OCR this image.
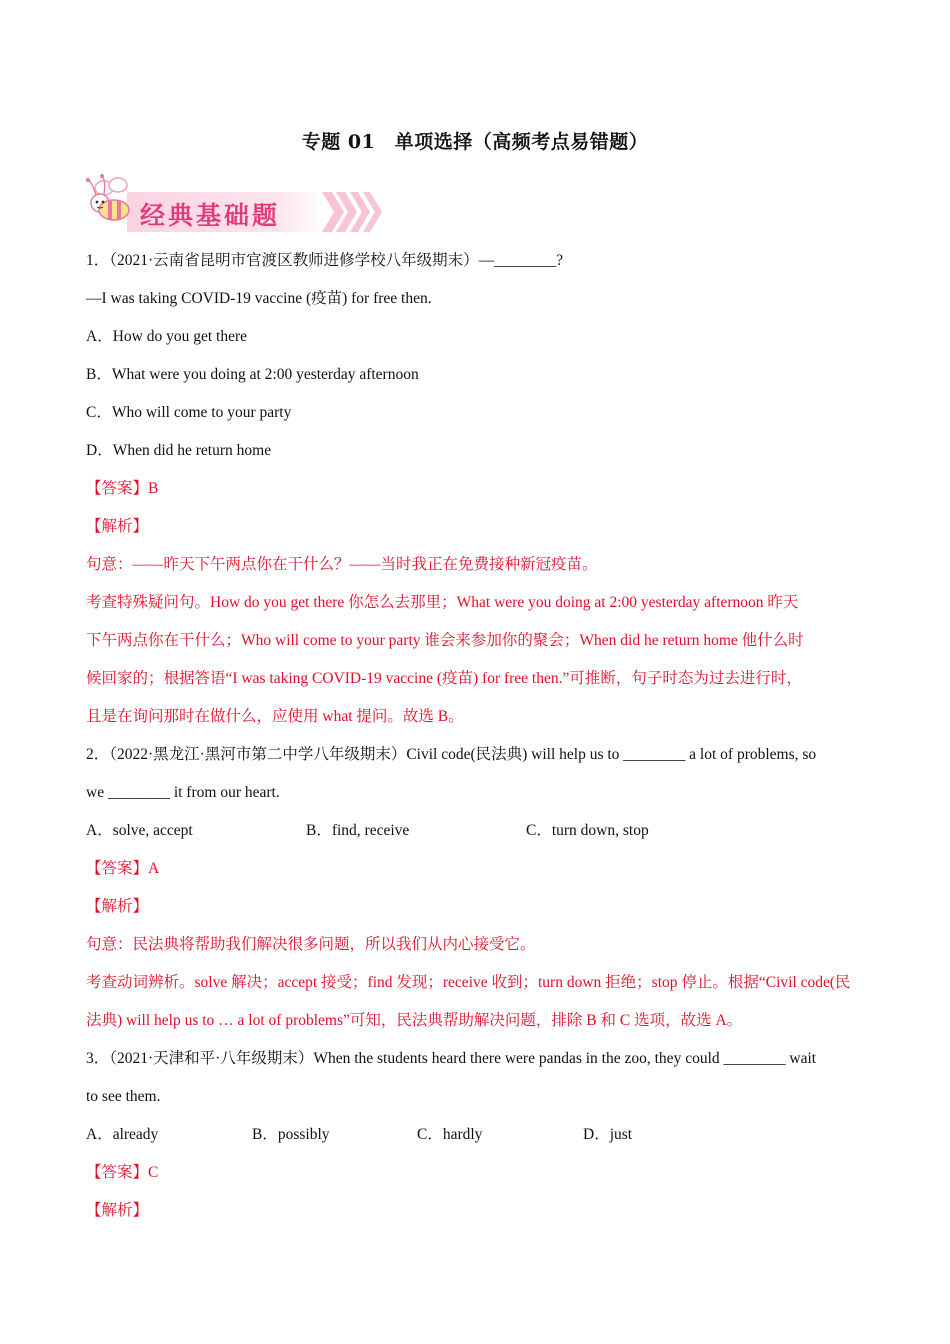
专题 01　单项选择（高频考点易错题）
经典基础题
1．（2021·云南省昆明市官渡区教师进修学校八年级期末）—________?
—I was taking COVID-19 vaccine (疫苗) for free then.
A．How do you get there
B．What were you doing at 2:00 yesterday afternoon
C．Who will come to your party
D．When did he return home
【答案】B
【解析】
句意：——昨天下午两点你在干什么？——当时我正在免费接种新冠疫苗。
考查特殊疑问句。How do you get there 你怎么去那里；What were you doing at 2:00 yesterday afternoon 昨天
下午两点你在干什么；Who will come to your party 谁会来参加你的聚会；When did he return home 他什么时
候回家的；根据答语“I was taking COVID-19 vaccine (疫苗) for free then.”可推断，句子时态为过去进行时，
且是在询问那时在做什么，应使用 what 提问。故选 B。
2．（2022·黑龙江·黑河市第二中学八年级期末）Civil code(民法典) will help us to ________ a lot of problems, so
we ________ it from our heart.
A．solve, accept	B．find, receive	C．turn down, stop
【答案】A
【解析】
句意：民法典将帮助我们解决很多问题，所以我们从内心接受它。
考查动词辨析。solve 解决；accept 接受；find 发现；receive 收到；turn down 拒绝；stop 停止。根据“Civil code(民
法典) will help us to … a lot of problems”可知，民法典帮助解决问题，排除 B 和 C 选项，故选 A。
3．（2021·天津和平·八年级期末）When the students heard there were pandas in the zoo, they could ________ wait
to see them.
A．already	B．possibly	C．hardly	D．just
【答案】C
【解析】
